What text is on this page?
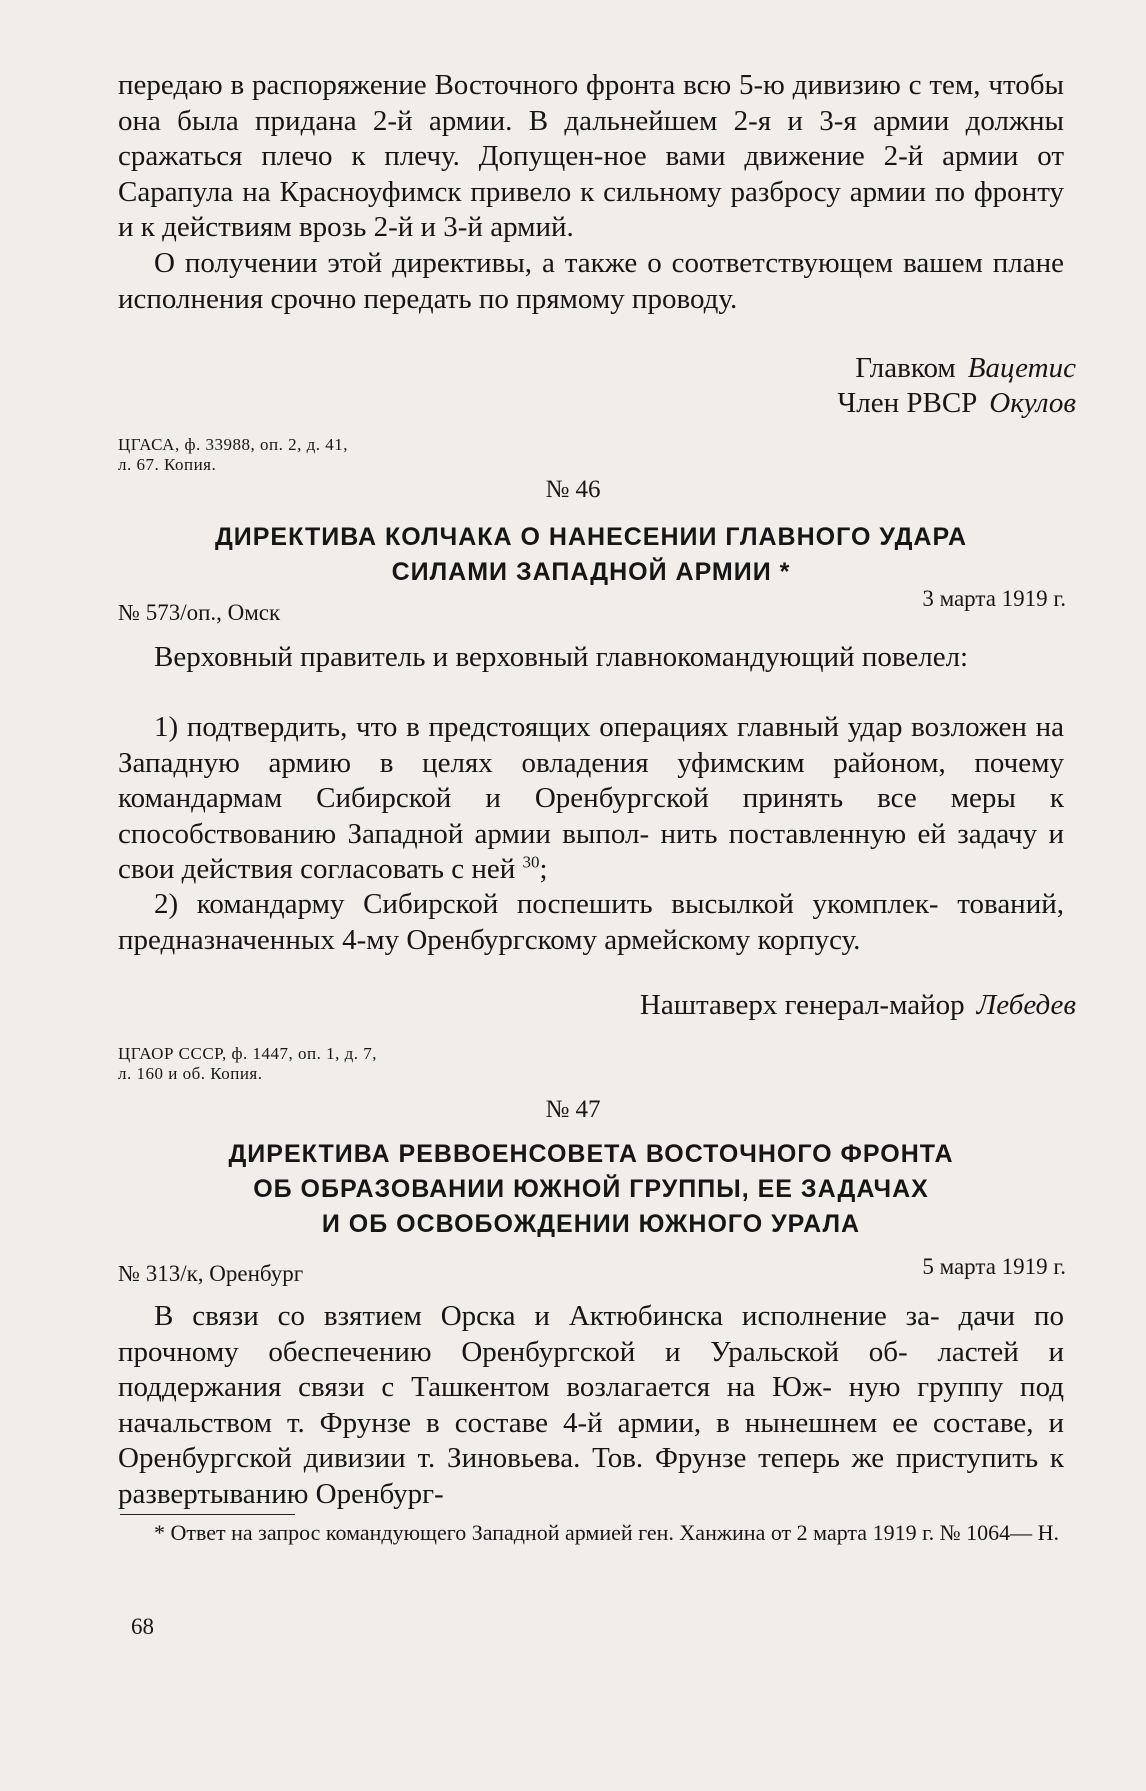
передаю в распоряжение Восточного фронта всю 5-ю дивизию с тем, чтобы она была придана 2-й армии. В дальнейшем 2-я и 3-я армии должны сражаться плечо к плечу. Допущен-ное вами движение 2-й армии от Сарапула на Красноуфимск привело к сильному разбросу армии по фронту и к действиям врозь 2-й и 3-й армий.

О получении этой директивы, а также о соответствующем вашем плане исполнения срочно передать по прямому проводу.

Главком Вацетис
Член РВСР Окулов
ЦГАСА, ф. 33988, оп. 2, д. 41,
л. 67. Копия.
№ 46
ДИРЕКТИВА КОЛЧАКА О НАНЕСЕНИИ ГЛАВНОГО УДАРА
СИЛАМИ ЗАПАДНОЙ АРМИИ *
№ 573/оп., Омск
3 марта 1919 г.

Верховный правитель и верховный главнокомандующий повелел:

1) подтвердить, что в предстоящих операциях главный удар возложен на Западную армию в целях овладения уфимским районом, почему командармам Сибирской и Оренбургской принять все меры к способствованию Западной армии выпол- нить поставленную ей задачу и свои действия согласовать с ней $^{30}$;

2) командарму Сибирской поспешить высылкой укомплек- тований, предназначенных 4-му Оренбургскому армейскому корпусу.

Наштаверх генерал-майор Лебедев
ЦГАОР СССР, ф. 1447, оп. 1, д. 7,
л. 160 и об. Копия.
№ 47
ДИРЕКТИВА РЕВВОЕНСОВЕТА ВОСТОЧНОГО ФРОНТА
ОБ ОБРАЗОВАНИИ ЮЖНОЙ ГРУППЫ, ЕЕ ЗАДАЧАХ
И ОБ ОСВОБОЖДЕНИИ ЮЖНОГО УРАЛА
№ 313/к, Оренбург	5 марта 1919 г.

В связи со взятием Орска и Актюбинска исполнение за- дачи по прочному обеспечению Оренбургской и Уральской об- ластей и поддержания связи с Ташкентом возлагается на Юж- ную группу под начальством т. Фрунзе в составе 4-й армии, в нынешнем ее составе, и Оренбургской дивизии т. Зиновьева. Тов. Фрунзе теперь же приступить к развертыванию Оренбург-

* Ответ на запрос командующего Западной армией ген. Ханжина от 2 марта 1919 г. № 1064— Н.

68
